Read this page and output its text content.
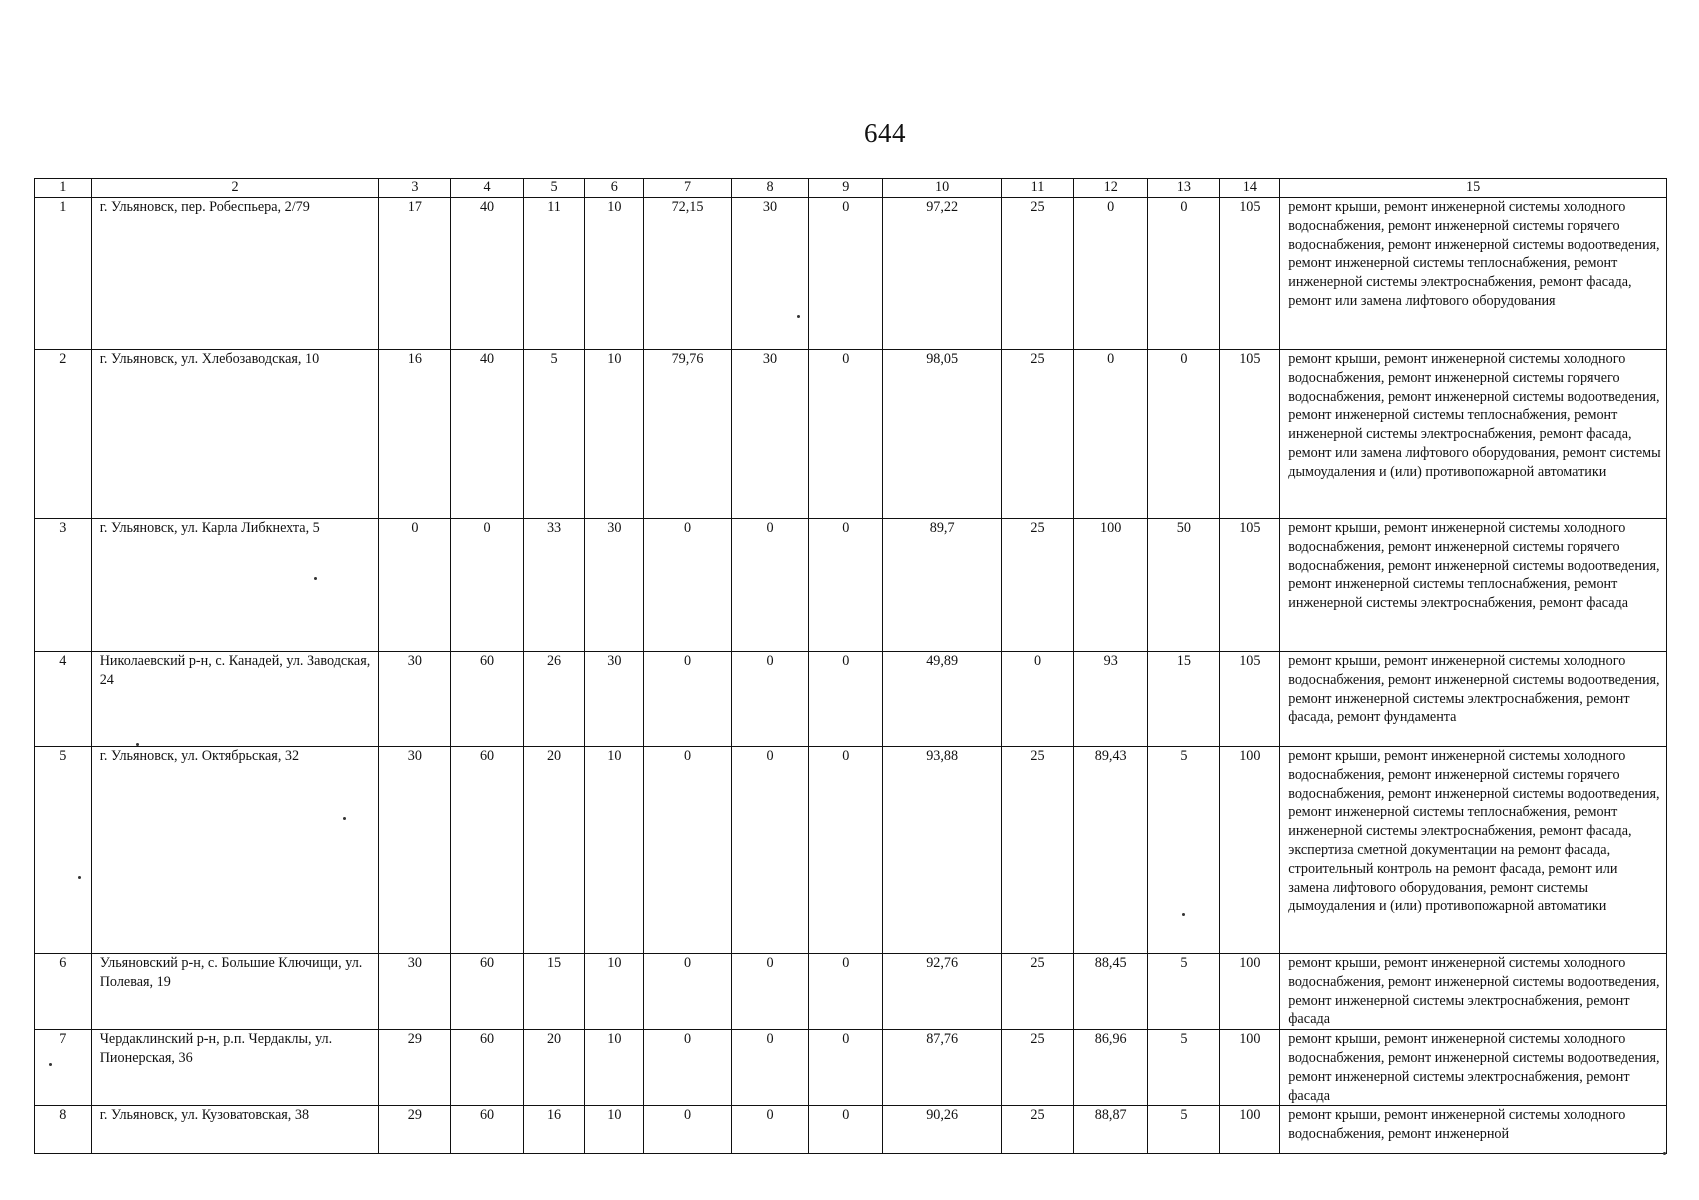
644
1	2	3	4	5	6	7	8	9	10	11	12	13	14	15
1	г. Ульяновск, пер. Робеспьера, 2/79	17	40	11	10	72,15	30	0	97,22	25	0	0	105	ремонт крыши, ремонт инженерной системы холодного водоснабжения, ремонт инженерной системы горячего водоснабжения, ремонт инженерной системы водоотведения, ремонт инженерной системы теплоснабжения, ремонт инженерной системы электроснабжения, ремонт фасада, ремонт или замена лифтового оборудования
2	г. Ульяновск, ул. Хлебозаводская, 10	16	40	5	10	79,76	30	0	98,05	25	0	0	105	ремонт крыши, ремонт инженерной системы холодного водоснабжения, ремонт инженерной системы горячего водоснабжения, ремонт инженерной системы водоотведения, ремонт инженерной системы теплоснабжения, ремонт инженерной системы электроснабжения, ремонт фасада, ремонт или замена лифтового оборудования, ремонт системы дымоудаления и (или) противопожарной автоматики
3	г. Ульяновск, ул. Карла Либкнехта, 5	0	0	33	30	0	0	0	89,7	25	100	50	105	ремонт крыши, ремонт инженерной системы холодного водоснабжения, ремонт инженерной системы горячего водоснабжения, ремонт инженерной системы водоотведения, ремонт инженерной системы теплоснабжения, ремонт инженерной системы электроснабжения, ремонт фасада
4	Николаевский р-н, с. Канадей, ул. Заводская, 24	30	60	26	30	0	0	0	49,89	0	93	15	105	ремонт крыши, ремонт инженерной системы холодного водоснабжения, ремонт инженерной системы водоотведения, ремонт инженерной системы электроснабжения, ремонт фасада, ремонт фундамента
5	г. Ульяновск, ул. Октябрьская, 32	30	60	20	10	0	0	0	93,88	25	89,43	5	100	ремонт крыши, ремонт инженерной системы холодного водоснабжения, ремонт инженерной системы горячего водоснабжения, ремонт инженерной системы водоотведения, ремонт инженерной системы теплоснабжения, ремонт инженерной системы электроснабжения, ремонт фасада, экспертиза сметной документации на ремонт фасада, строительный контроль на ремонт фасада, ремонт или замена лифтового оборудования, ремонт системы дымоудаления и (или) противопожарной автоматики
6	Ульяновский р-н, с. Большие Ключищи, ул. Полевая, 19	30	60	15	10	0	0	0	92,76	25	88,45	5	100	ремонт крыши, ремонт инженерной системы холодного водоснабжения, ремонт инженерной системы водоотведения, ремонт инженерной системы электроснабжения, ремонт фасада
7	Чердаклинский р-н, р.п. Чердаклы, ул. Пионерская, 36	29	60	20	10	0	0	0	87,76	25	86,96	5	100	ремонт крыши, ремонт инженерной системы холодного водоснабжения, ремонт инженерной системы водоотведения, ремонт инженерной системы электроснабжения, ремонт фасада
8	г. Ульяновск, ул. Кузоватовская, 38	29	60	16	10	0	0	0	90,26	25	88,87	5	100	ремонт крыши, ремонт инженерной системы холодного водоснабжения, ремонт инженерной
